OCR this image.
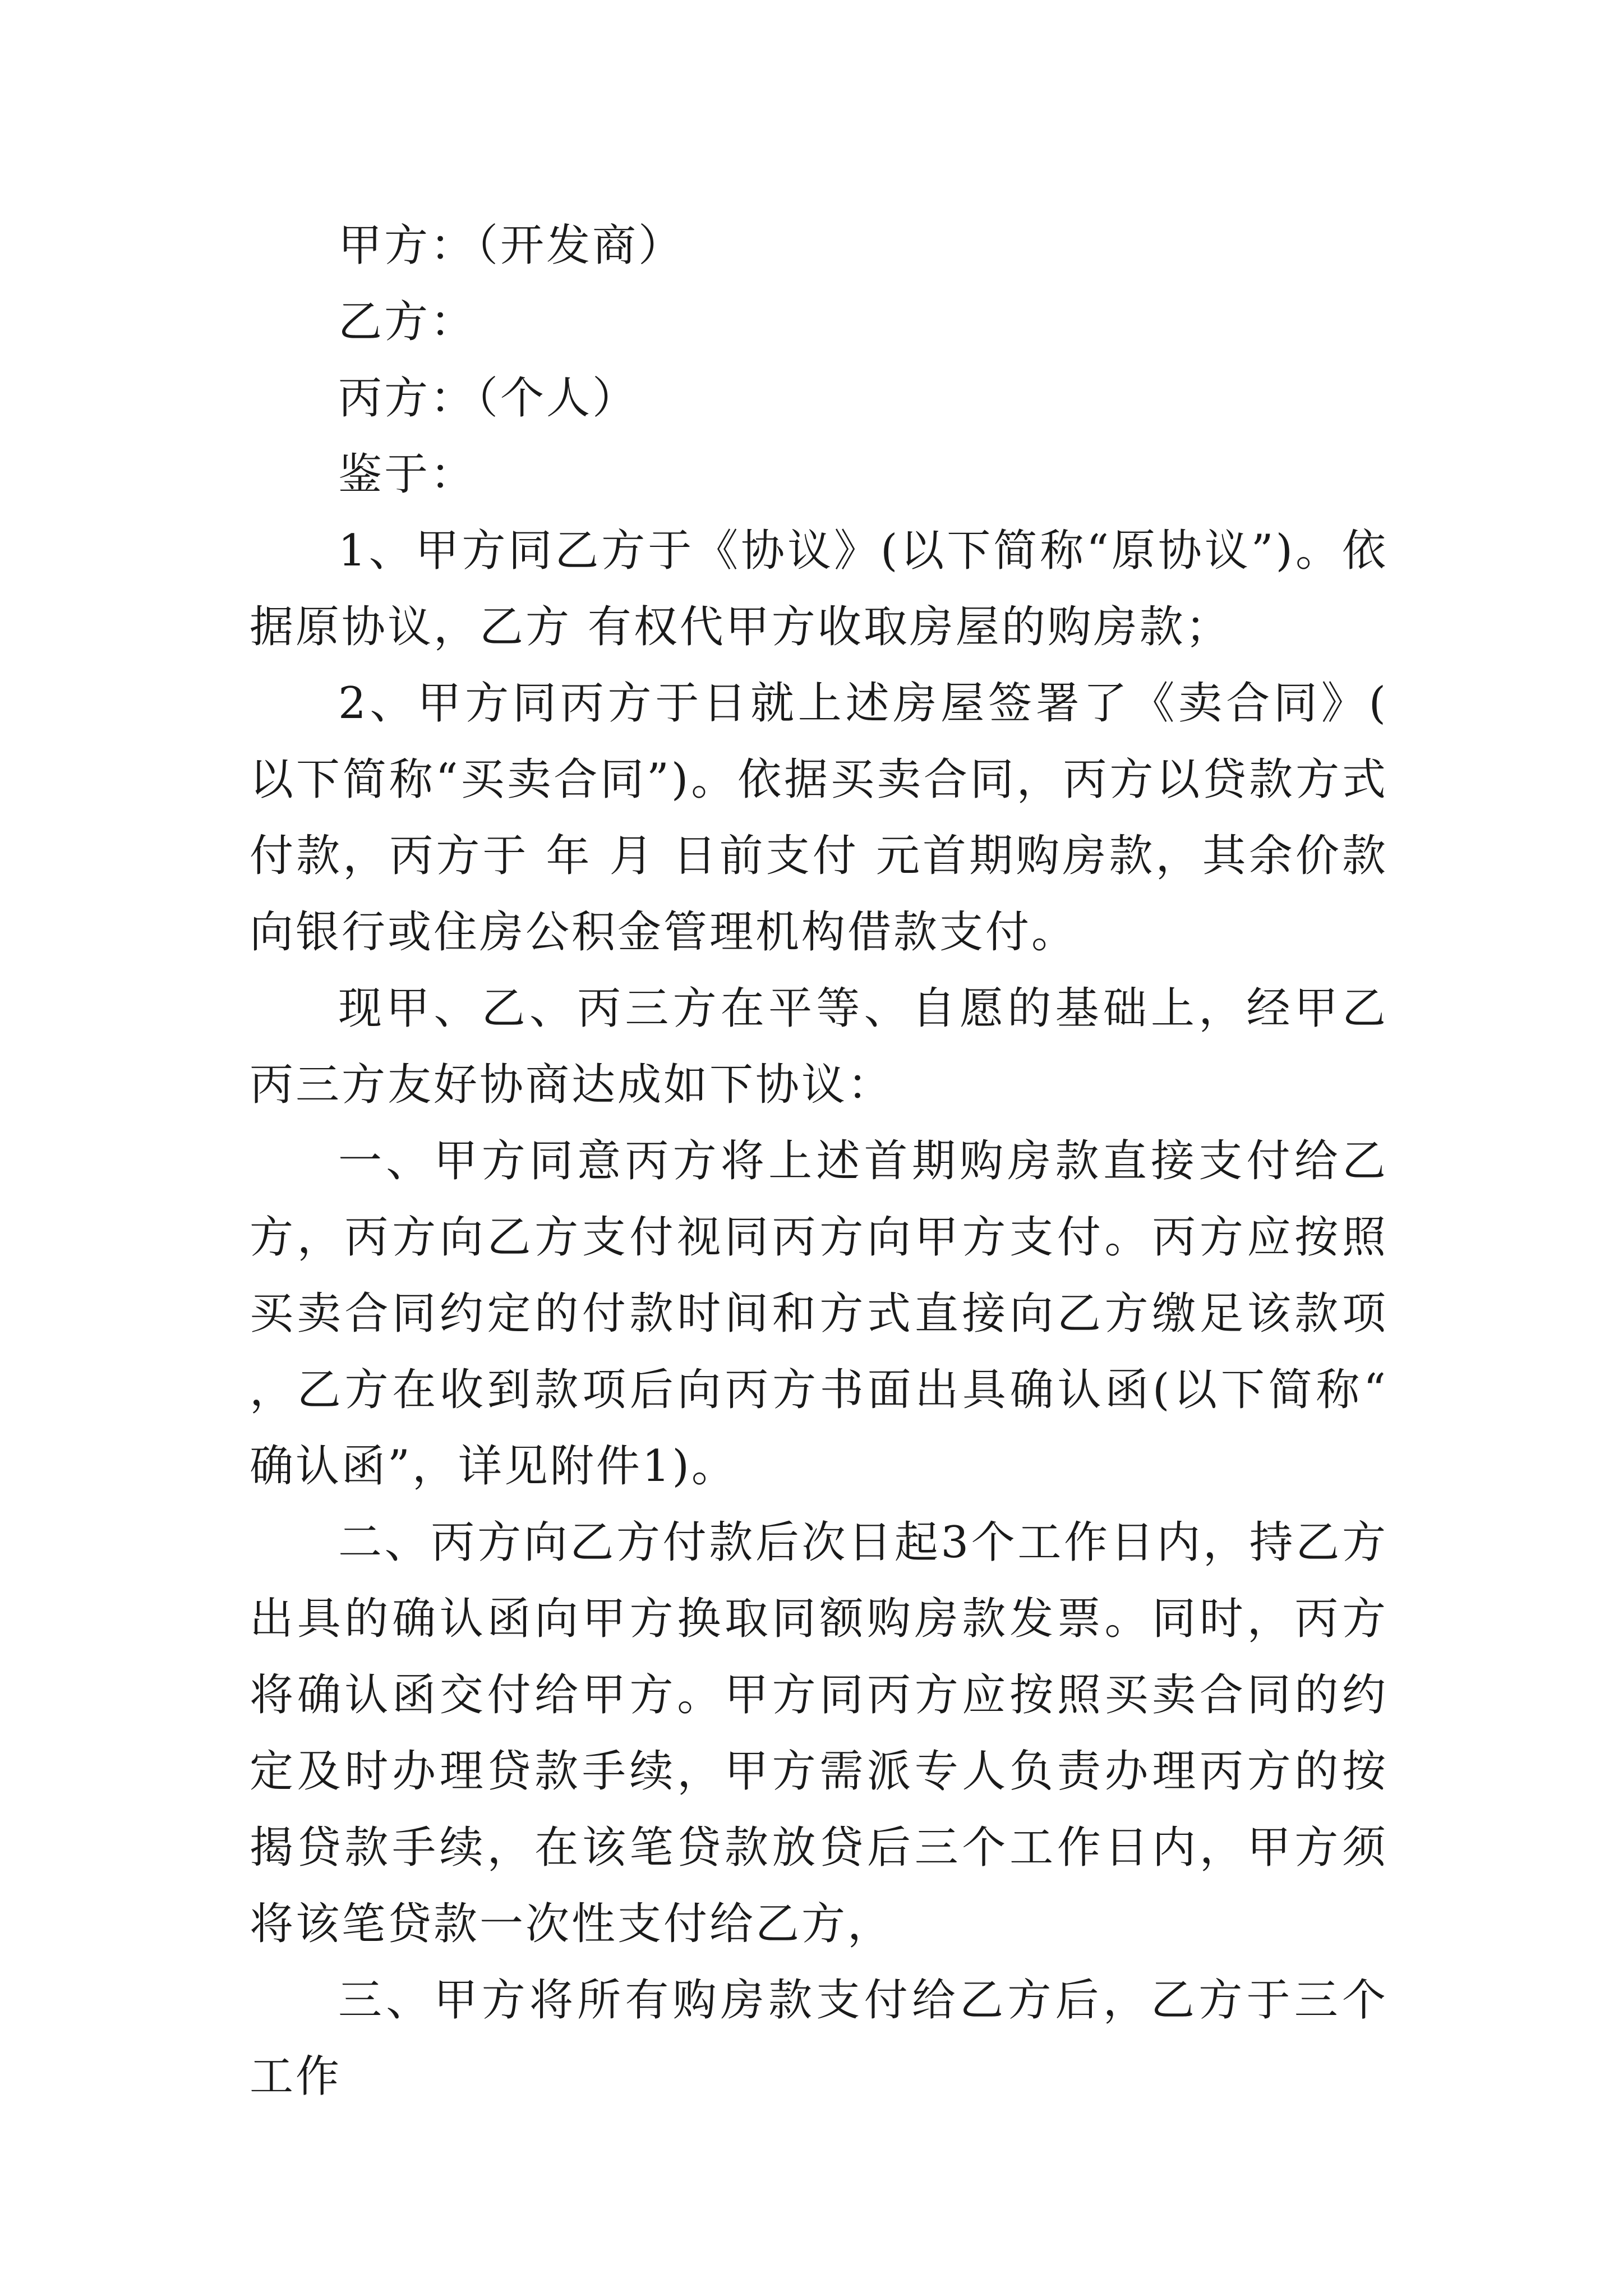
甲方：（开发商）

乙方：

丙方：（个人）

鉴于：

1、甲方同乙方于《协议》(以下简称“原协议”)。依据原协议，乙方 有权代甲方收取房屋的购房款；

2、甲方同丙方于日就上述房屋签署了《卖合同》(以下简称“买卖合同”)。依据买卖合同，丙方以贷款方式付款，丙方于 年 月 日前支付 元首期购房款，其余价款向银行或住房公积金管理机构借款支付。

现甲、乙、丙三方在平等、自愿的基础上，经甲乙丙三方友好协商达成如下协议：

一、甲方同意丙方将上述首期购房款直接支付给乙方，丙方向乙方支付视同丙方向甲方支付。丙方应按照买卖合同约定的付款时间和方式直接向乙方缴足该款项，乙方在收到款项后向丙方书面出具确认函(以下简称“确认函”，详见附件1)。

二、丙方向乙方付款后次日起3个工作日内，持乙方出具的确认函向甲方换取同额购房款发票。同时，丙方将确认函交付给甲方。甲方同丙方应按照买卖合同的约定及时办理贷款手续，甲方需派专人负责办理丙方的按揭贷款手续，在该笔贷款放贷后三个工作日内，甲方须将该笔贷款一次性支付给乙方，

三、甲方将所有购房款支付给乙方后，乙方于三个工作
